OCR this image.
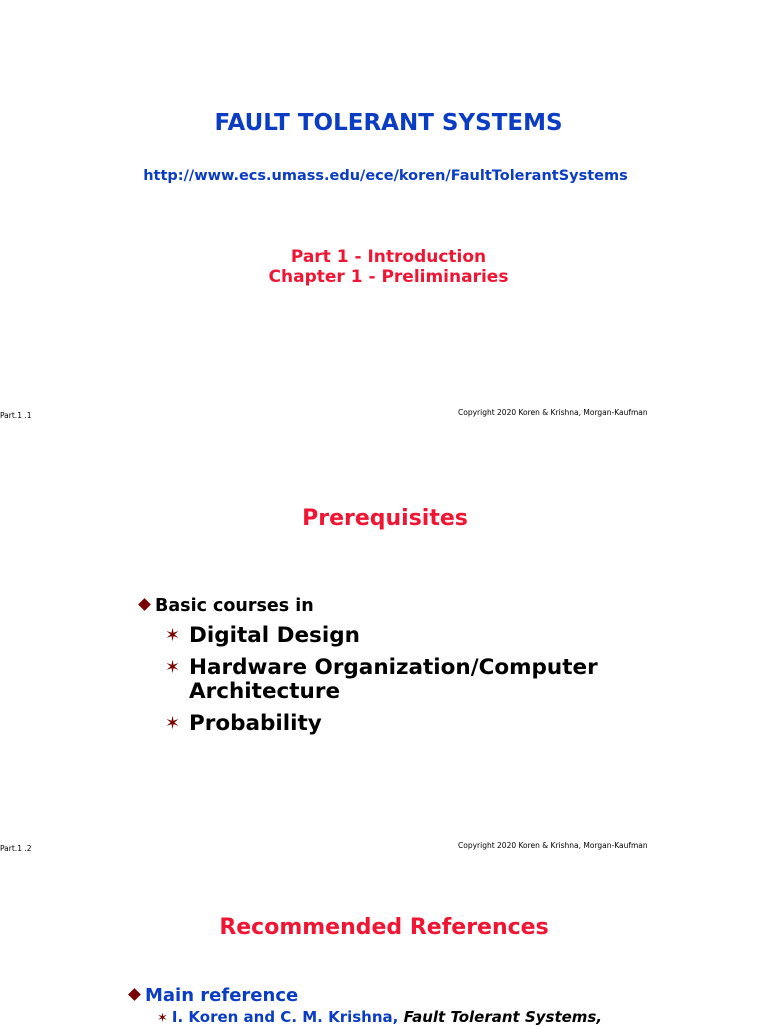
FAULT TOLERANT SYSTEMS
http://www.ecs.umass.edu/ece/koren/FaultTolerantSystems
Part 1 - Introduction
Chapter 1 - Preliminaries
Part.1 .1	Copyright 2020 Koren & Krishna, Morgan-Kaufman
Prerequisites
Basic courses in
✶ Digital Design
✶ Hardware Organization/Computer Architecture
✶ Probability
Part.1 .2	Copyright 2020 Koren & Krishna, Morgan-Kaufman
Recommended References
Main reference
✶ I. Koren and C. M. Krishna, Fault Tolerant Systems,
